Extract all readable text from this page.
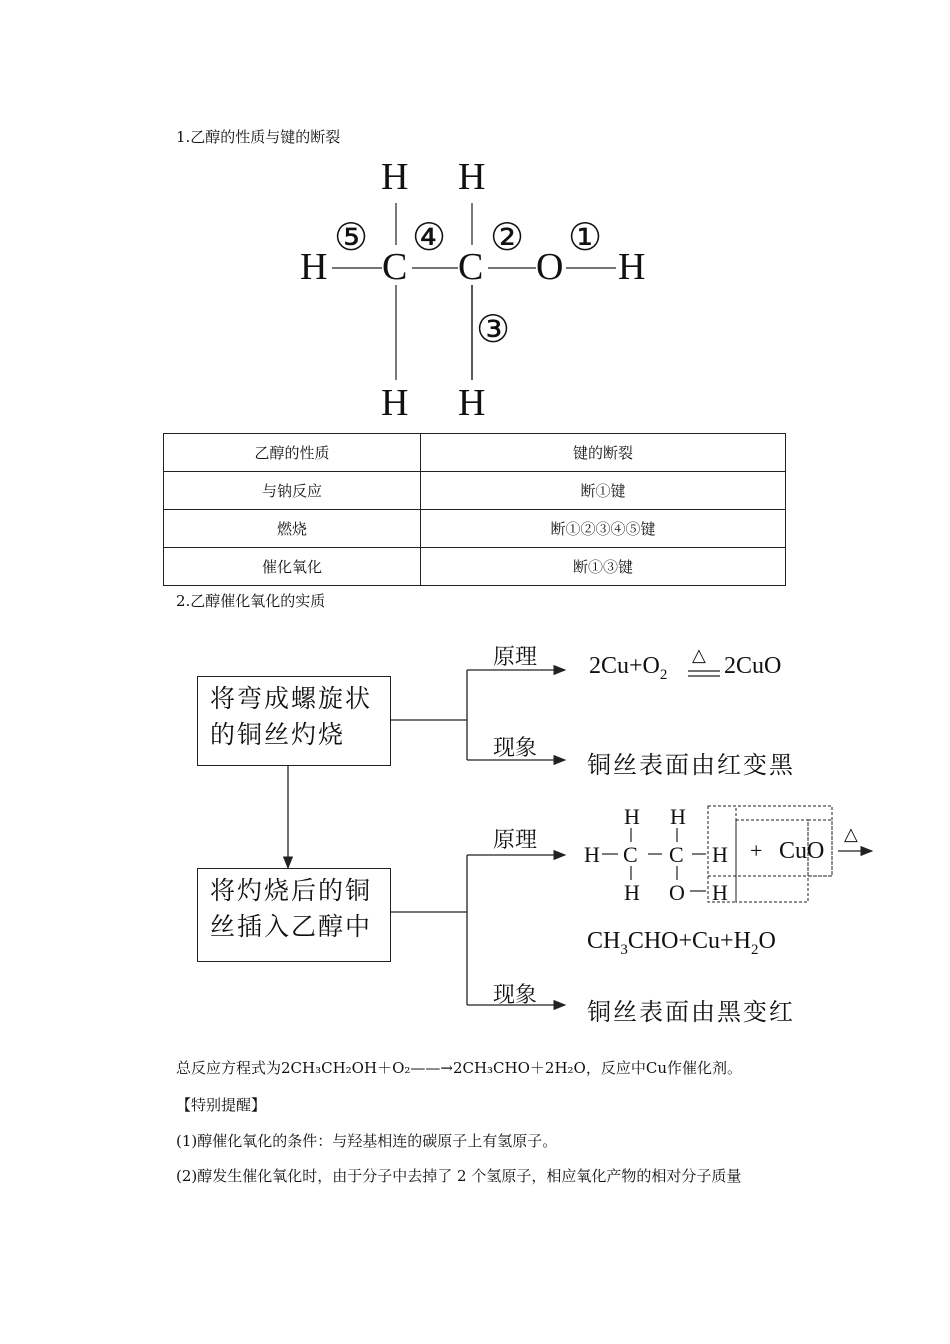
1.乙醇的性质与键的断裂
H H
H C C O H
H H
⑤ ④ ② ①
③
乙醇的性质	键的断裂
与钠反应	断①键
燃烧	断①②③④⑤键
催化氧化	断①③键
2.乙醇催化氧化的实质
将弯成螺旋状
的铜丝灼烧
将灼烧后的铜
丝插入乙醇中
原理
现象
原理
现象
$2Cu+O_2$
△ 2CuO
铜丝表面由红变黑
H H
H C C H
H O H
+ CuO
△
$CH_3CHO+Cu+H_2O$
铜丝表面由黑变红
总反应方程式为2CH₃CH₂OH＋O₂——→2CH₃CHO＋2H₂O，反应中Cu作催化剂。
【特别提醒】
(1)醇催化氧化的条件：与羟基相连的碳原子上有氢原子。
(2)醇发生催化氧化时，由于分子中去掉了 2 个氢原子，相应氧化产物的相对分子质量
